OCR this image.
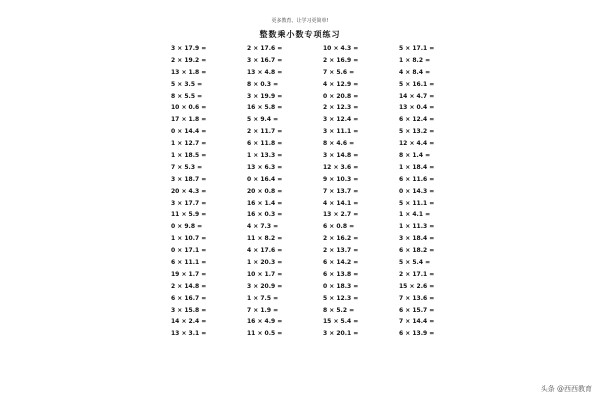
更多教育、让学习更简单!
整数乘小数专项练习
3 × 17.9 =
2 × 19.2 =
13 × 1.8 =
5 × 3.5 =
8 × 5.5 =
10 × 0.6 =
17 × 1.8 =
0 × 14.4 =
1 × 12.7 =
1 × 18.5 =
7 × 5.3 =
3 × 18.7 =
20 × 4.3 =
3 × 17.7 =
11 × 5.9 =
0 × 9.8 =
1 × 10.7 =
0 × 17.1 =
6 × 11.1 =
19 × 1.7 =
2 × 14.8 =
6 × 16.7 =
3 × 15.8 =
14 × 2.4 =
13 × 3.1 =
2 × 17.6 =
3 × 16.7 =
13 × 4.8 =
8 × 0.3 =
3 × 19.9 =
16 × 5.8 =
5 × 9.4 =
2 × 11.7 =
6 × 11.8 =
1 × 13.3 =
13 × 6.3 =
0 × 16.4 =
20 × 0.8 =
16 × 1.4 =
16 × 0.3 =
4 × 7.3 =
11 × 8.2 =
4 × 17.6 =
1 × 20.3 =
10 × 1.7 =
3 × 20.9 =
1 × 7.5 =
7 × 1.9 =
16 × 4.9 =
11 × 0.5 =
10 × 4.3 =
2 × 16.9 =
7 × 5.6 =
4 × 12.9 =
0 × 20.8 =
2 × 12.3 =
3 × 12.4 =
3 × 11.1 =
8 × 4.6 =
3 × 14.8 =
12 × 3.6 =
9 × 10.3 =
7 × 13.7 =
4 × 14.1 =
13 × 2.7 =
6 × 0.8 =
2 × 16.2 =
2 × 13.7 =
6 × 14.2 =
6 × 13.8 =
0 × 18.3 =
5 × 12.3 =
8 × 5.2 =
15 × 5.4 =
3 × 20.1 =
5 × 17.1 =
1 × 8.2 =
4 × 8.4 =
5 × 16.1 =
14 × 4.7 =
13 × 0.4 =
6 × 12.4 =
5 × 13.2 =
12 × 4.4 =
8 × 1.4 =
1 × 18.4 =
6 × 11.6 =
0 × 14.3 =
5 × 11.1 =
1 × 4.1 =
1 × 11.3 =
3 × 18.4 =
6 × 18.2 =
5 × 5.4 =
2 × 17.1 =
15 × 2.6 =
7 × 13.6 =
6 × 15.7 =
7 × 14.4 =
6 × 13.9 =
头条 @西西教育
